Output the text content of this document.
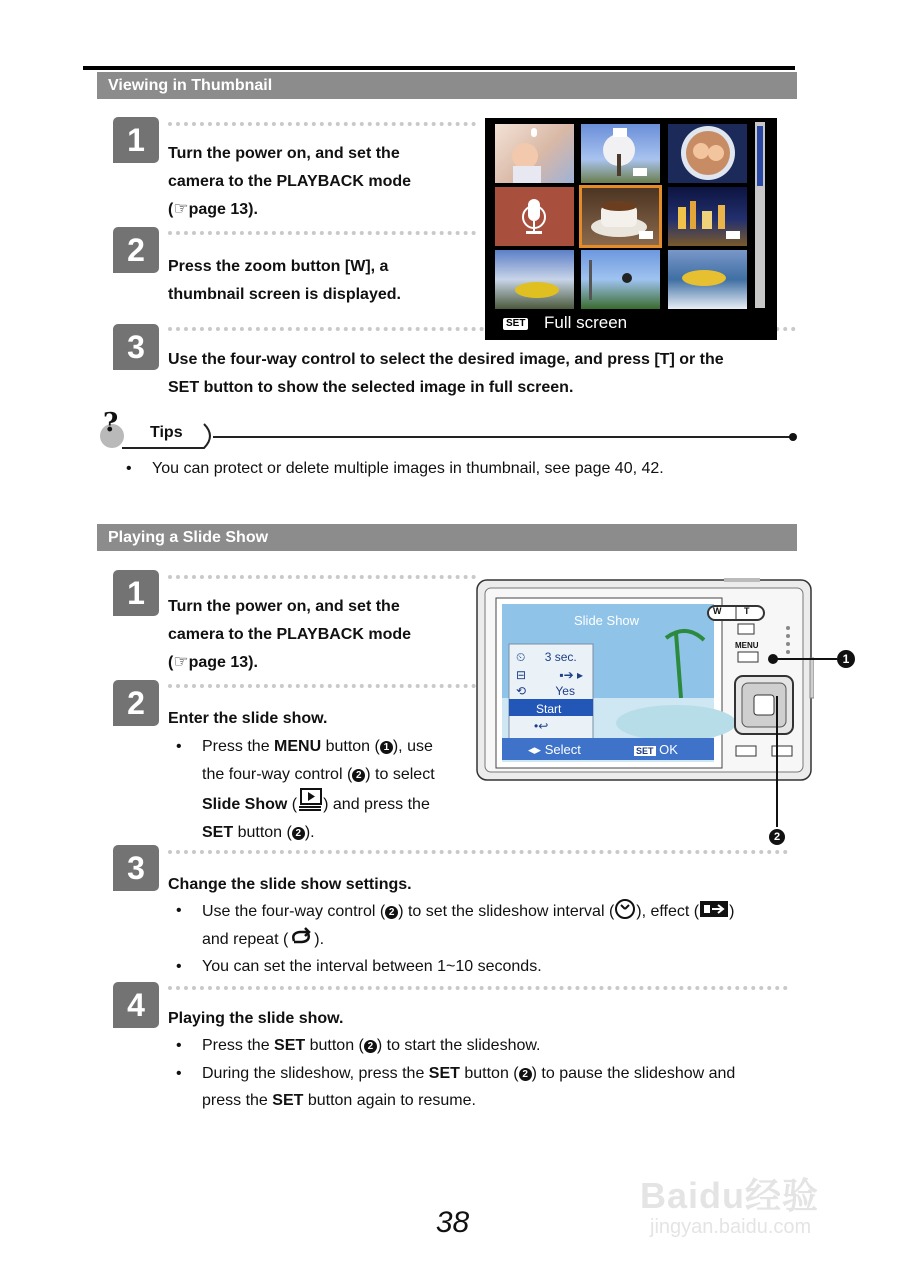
Viewing in Thumbnail
1	Turn the power on, and set the
camera to the PLAYBACK mode
(☞page 13).
2	Press the zoom button [W], a
thumbnail screen is displayed.
3	Use the four-way control to select the desired image, and press [T] or the
SET button to show the selected image in full screen.
SET Full screen
? Tips
• You can protect or delete multiple images in thumbnail, see page 40, 42.
Playing a Slide Show
1	Turn the power on, and set the
camera to the PLAYBACK mode
(☞page 13).
2	Enter the slide show.
• Press the MENU button ( 1 ), use
the four-way control ( 2 ) to select
Slide Show ( ) and press the
SET button ( 2 ).
Slide Show
⏲ 3 sec.
⊟	▪➔ ▸
⟲ Yes
Start
•↩
◂▸ Select	SET OK
W	T
MENU
1
2
3	Change the slide show settings.
• Use the four-way control ( 2 ) to set the slideshow interval ( ), effect ( )
and repeat ( ).
• You can set the interval between 1~10 seconds.
4	Playing the slide show.
• Press the SET button ( 2 ) to start the slideshow.
• During the slideshow, press the SET button ( 2 ) to pause the slideshow and
press the SET button again to resume.
38
Baidu经验
jingyan.baidu.com
